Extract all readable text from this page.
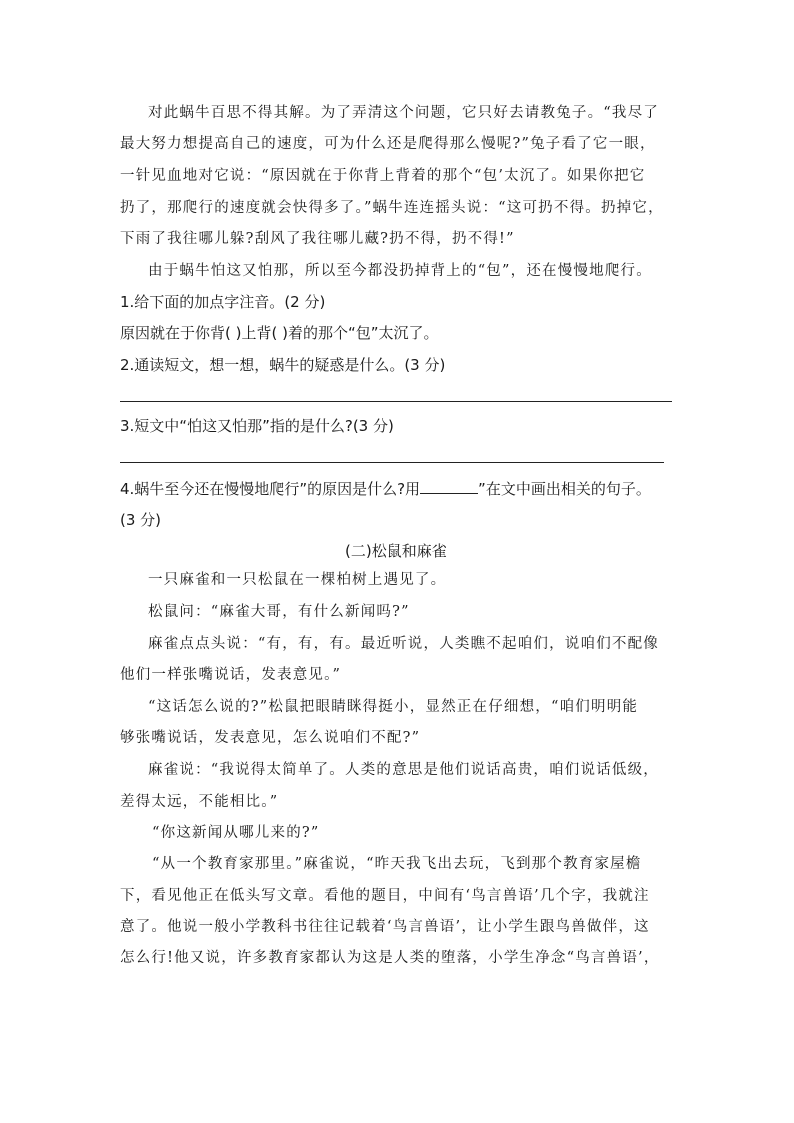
对此蜗牛百思不得其解。为了弄清这个问题，它只好去请教兔子。“我尽了
最大努力想提高自己的速度，可为什么还是爬得那么慢呢?”兔子看了它一眼，
一针见血地对它说：“原因就在于你背上背着的那个“包’太沉了。如果你把它
扔了，那爬行的速度就会快得多了。”蜗牛连连摇头说：“这可扔不得。扔掉它，
下雨了我往哪儿躲?刮风了我往哪儿藏?扔不得，扔不得!”
由于蜗牛怕这又怕那，所以至今都没扔掉背上的“包”，还在慢慢地爬行。
1.给下面的加点字注音。(2 分)
原因就在于你背( )上背( )着的那个“包”太沉了。
2.通读短文，想一想，蜗牛的疑惑是什么。(3 分)
3.短文中“怕这又怕那”指的是什么?(3 分)
4.蜗牛至今还在慢慢地爬行”的原因是什么?用	”在文中画出相关的句子。
(3 分)
(二)松鼠和麻雀
一只麻雀和一只松鼠在一棵柏树上遇见了。
松鼠问：“麻雀大哥，有什么新闻吗?”
麻雀点点头说：“有，有，有。最近听说，人类瞧不起咱们，说咱们不配像
他们一样张嘴说话，发表意见。”
“这话怎么说的?”松鼠把眼睛眯得挺小，显然正在仔细想，“咱们明明能
够张嘴说话，发表意见，怎么说咱们不配?”
麻雀说：“我说得太简单了。人类的意思是他们说话高贵，咱们说话低级，
差得太远，不能相比。”
“你这新闻从哪儿来的?”
“从一个教育家那里。”麻雀说，“昨天我飞出去玩，飞到那个教育家屋檐
下，看见他正在低头写文章。看他的题目，中间有‘鸟言兽语’几个字，我就注
意了。他说一般小学教科书往往记载着‘鸟言兽语’，让小学生跟鸟兽做伴，这
怎么行!他又说，许多教育家都认为这是人类的堕落，小学生净念“鸟言兽语’，
